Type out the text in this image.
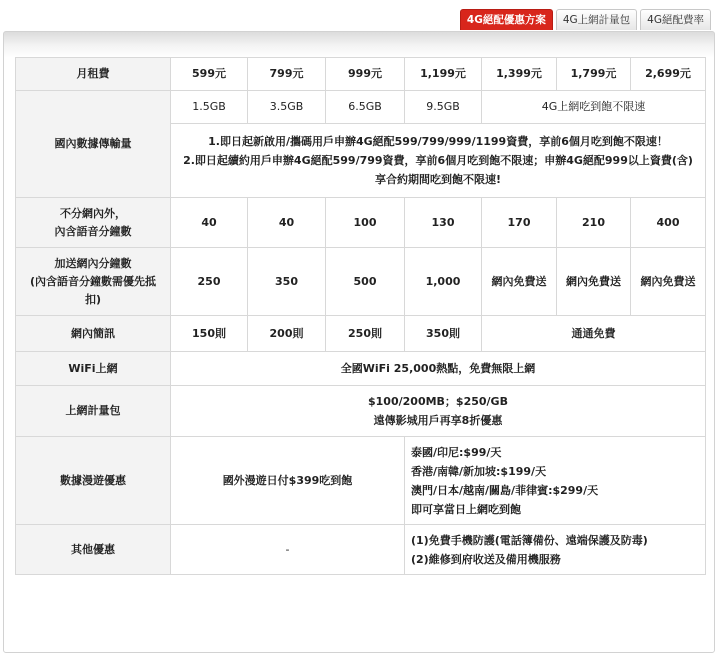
4G絕配優惠方案	4G上網計量包	4G絕配費率
月租費	599元	799元	999元	1,199元	1,399元	1,799元	2,699元
國內數據傳輸量	1.5GB	3.5GB	6.5GB	9.5GB	4G上網吃到飽不限速		

	1.即日起新啟用/攜碼用戶申辦4G絕配599/799/999/1199資費，享前6個月吃到飽不限速！
2.即日起續約用戶申辦4G絕配599/799資費，享前6個月吃到飽不限速；申辦4G絕配999以上資費(含)
享合約期間吃到飽不限速!						

不分網內外，
內含語音分鐘數	40	40	100	130	170	210	400

加送網內分鐘數
(內含語音分鐘數需優先抵
扣)	250	350	500	1,000	網內免費送	網內免費送	網內免費送
網內簡訊	150則	200則	250則	350則	通通免費		
WiFi上網	全國WiFi 25,000熱點，免費無限上網						
上網計量包	$100/200MB；$250/GB
遠傳影城用戶再享8折優惠						

數據漫遊優惠	國外漫遊日付$399吃到飽			泰國/印尼:$99/天
香港/南韓/新加坡:$199/天
澳門/日本/越南/關島/菲律賓:$299/天
即可享當日上網吃到飽			

其他優惠	-			(1)免費手機防護(電話簿備份、遠端保護及防毒)
(2)維修到府收送及備用機服務			
